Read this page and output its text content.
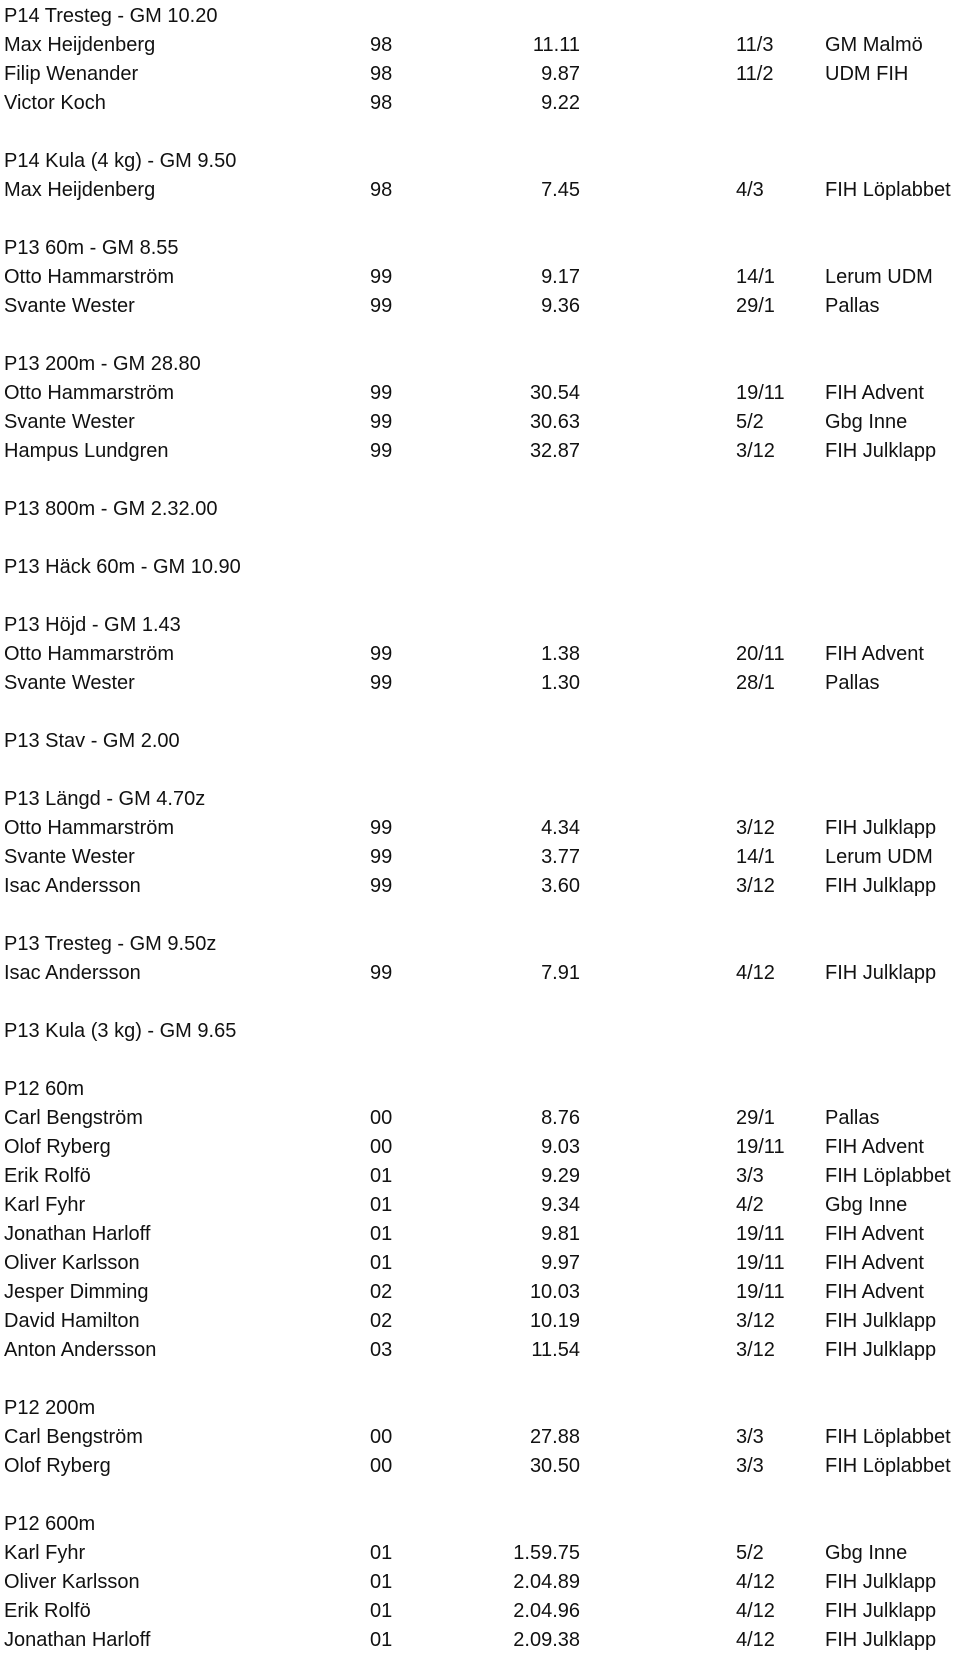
P14 Tresteg - GM 10.20
Max Heijdenberg	98	11.11	11/3	GM Malmö
Filip Wenander	98	9.87	11/2	UDM FIH
Victor Koch	98	9.22
P14 Kula (4 kg) - GM 9.50
Max Heijdenberg	98	7.45	4/3	FIH Löplabbet
P13 60m - GM 8.55
Otto Hammarström	99	9.17	14/1	Lerum UDM
Svante Wester	99	9.36	29/1	Pallas
P13 200m - GM 28.80
Otto Hammarström	99	30.54	19/11 FIH Advent
Svante Wester	99	30.63	5/2	Gbg Inne
Hampus Lundgren	99	32.87	3/12	FIH Julklapp
P13 800m - GM 2.32.00
P13 Häck 60m - GM 10.90
P13 Höjd - GM 1.43
Otto Hammarström	99	1.38	20/11 FIH Advent
Svante Wester	99	1.30	28/1	Pallas
P13 Stav - GM 2.00
P13 Längd - GM 4.70z
Otto Hammarström	99	4.34	3/12	FIH Julklapp
Svante Wester	99	3.77	14/1	Lerum UDM
Isac Andersson	99	3.60	3/12	FIH Julklapp
P13 Tresteg - GM 9.50z
Isac Andersson	99	7.91	4/12	FIH Julklapp
P13 Kula (3 kg) - GM 9.65
P12 60m
Carl Bengström	00	8.76	29/1	Pallas
Olof Ryberg	00	9.03	19/11 FIH Advent
Erik Rolfö	01	9.29	3/3	FIH Löplabbet
Karl Fyhr	01	9.34	4/2	Gbg Inne
Jonathan Harloff	01	9.81	19/11 FIH Advent
Oliver Karlsson	01	9.97	19/11 FIH Advent
Jesper Dimming	02	10.03	19/11 FIH Advent
David Hamilton	02	10.19	3/12	FIH Julklapp
Anton Andersson	03	11.54	3/12	FIH Julklapp
P12 200m
Carl Bengström	00	27.88	3/3	FIH Löplabbet
Olof Ryberg	00	30.50	3/3	FIH Löplabbet
P12 600m
Karl Fyhr	01	1.59.75	5/2	Gbg Inne
Oliver Karlsson	01	2.04.89	4/12	FIH Julklapp
Erik Rolfö	01	2.04.96	4/12	FIH Julklapp
Jonathan Harloff	01	2.09.38	4/12	FIH Julklapp
